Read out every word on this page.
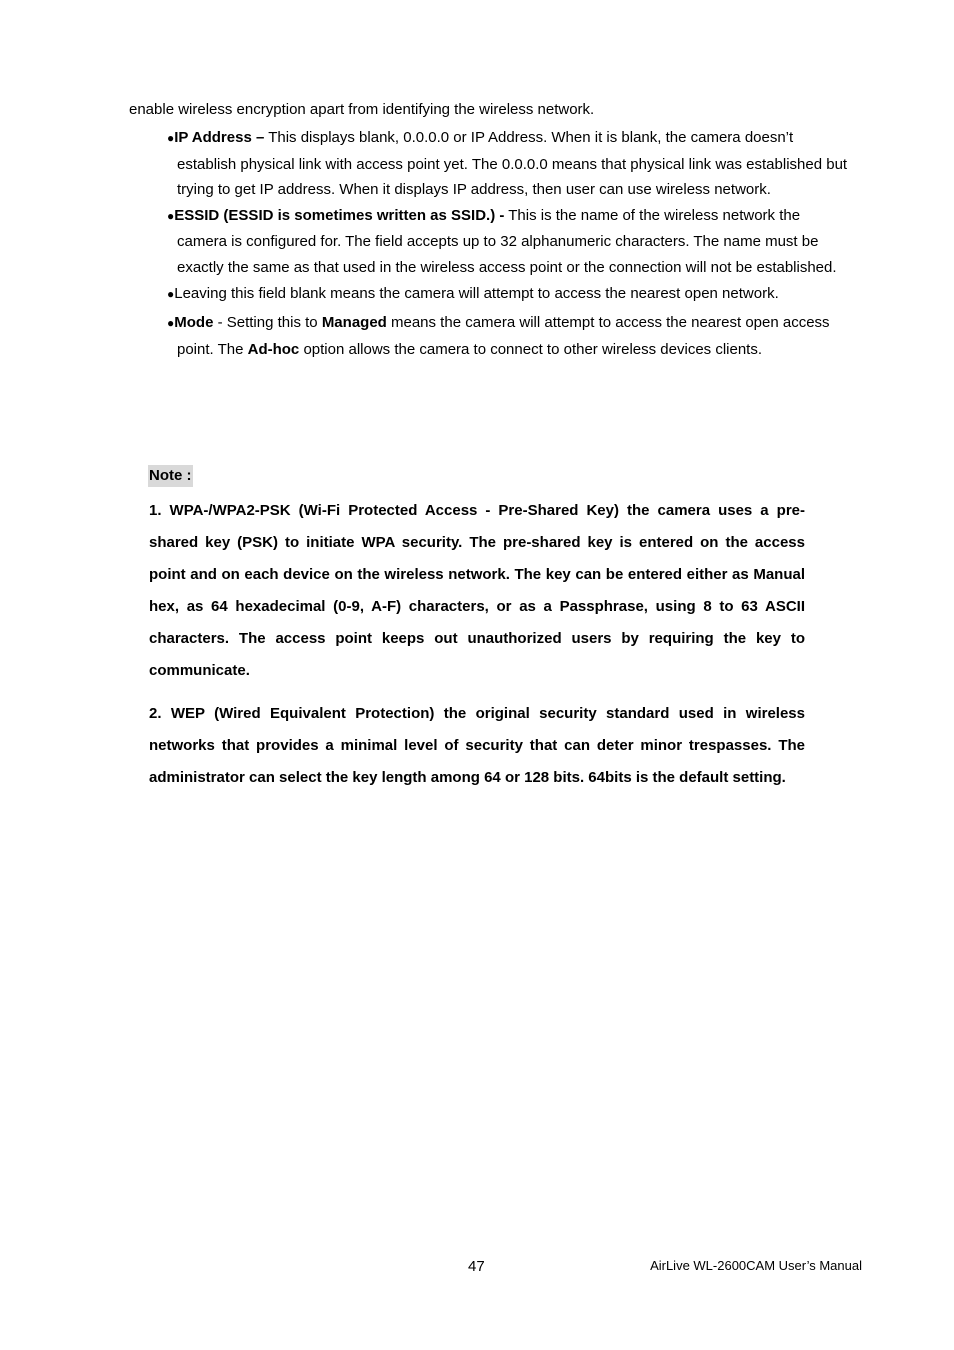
enable wireless encryption apart from identifying the wireless network.

●IP Address – This displays blank, 0.0.0.0 or IP Address. When it is blank, the camera doesn’t establish physical link with access point yet. The 0.0.0.0 means that physical link was established but trying to get IP address. When it displays IP address, then user can use wireless network.

●ESSID (ESSID is sometimes written as SSID.) - This is the name of the wireless network the camera is configured for. The field accepts up to 32 alphanumeric characters. The name must be exactly the same as that used in the wireless access point or the connection will not be established.

●Leaving this field blank means the camera will attempt to access the nearest open network.

●Mode - Setting this to Managed means the camera will attempt to access the nearest open access point. The Ad-hoc option allows the camera to connect to other wireless devices clients.

Note :

1. WPA-/WPA2-PSK (Wi-Fi Protected Access - Pre-Shared Key) the camera uses a pre-shared key (PSK) to initiate WPA security. The pre-shared key is entered on the access point and on each device on the wireless network. The key can be entered either as Manual hex, as 64 hexadecimal (0-9, A-F) characters, or as a Passphrase, using 8 to 63 ASCII characters. The access point keeps out unauthorized users by requiring the key to communicate.

2. WEP (Wired Equivalent Protection) the original security standard used in wireless networks that provides a minimal level of security that can deter minor trespasses. The administrator can select the key length among 64 or 128 bits. 64bits is the default setting.

47	AirLive WL-2600CAM User’s Manual
